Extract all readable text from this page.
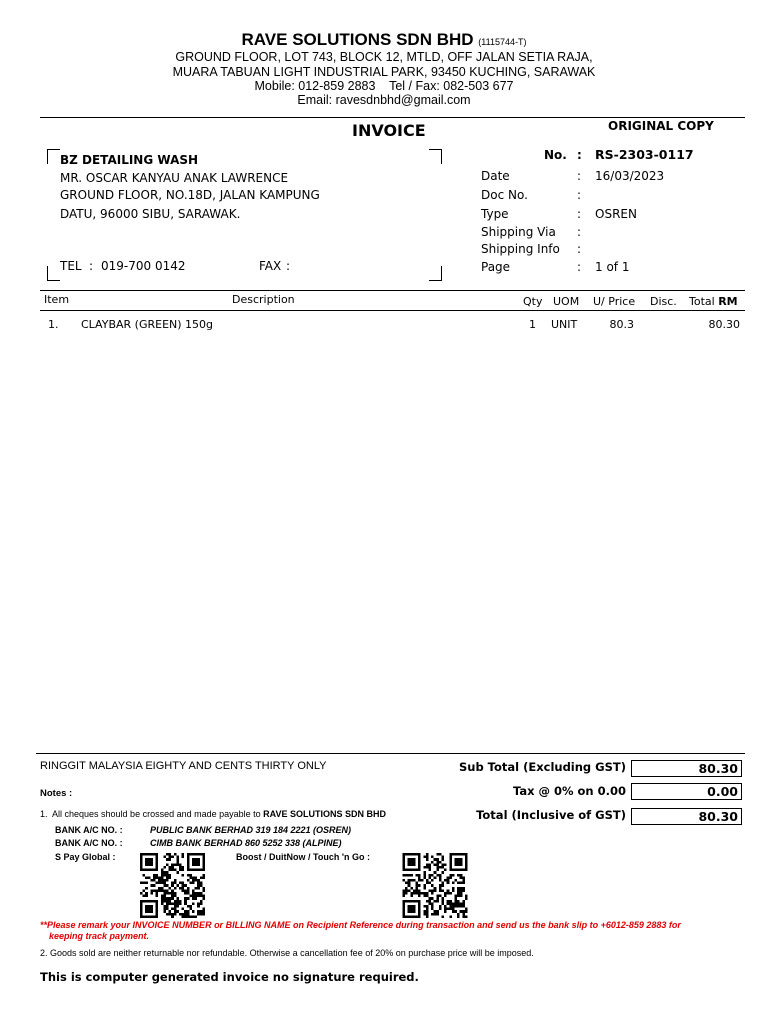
RAVE SOLUTIONS SDN BHD (1115744-T)
GROUND FLOOR, LOT 743, BLOCK 12, MTLD, OFF JALAN SETIA RAJA,
MUARA TABUAN LIGHT INDUSTRIAL PARK, 93450 KUCHING, SARAWAK
Mobile: 012-859 2883    Tel / Fax: 082-503 677
Email: ravesdnbhd@gmail.com
INVOICE	ORIGINAL COPY
BZ DETAILING WASH
MR. OSCAR KANYAU ANAK LAWRENCE
GROUND FLOOR, NO.18D, JALAN KAMPUNG
DATU, 96000 SIBU, SARAWAK.
TEL : 019-700 0142	FAX :
No. : RS-2303-0117
Date	: 16/03/2023
Doc No.	:
Type	: OSREN
Shipping Via :
Shipping Info :
Page	: 1 of 1
Item	Description	Qty UOM U/ Price Disc. Total RM
1. CLAYBAR (GREEN) 150g	1 UNIT	80.3	80.30
RINGGIT MALAYSIA EIGHTY AND CENTS THIRTY ONLY	Sub Total (Excluding GST)	80.30
Tax @ 0% on 0.00	0.00
Total (Inclusive of GST)	80.30
Notes :
1.  All cheques should be crossed and made payable to RAVE SOLUTIONS SDN BHD
BANK A/C NO. :	PUBLIC BANK BERHAD 319 184 2221 (OSREN)
BANK A/C NO. :	CIMB BANK BERHAD 860 5252 338 (ALPINE)
S Pay Global :	Boost / DuitNow / Touch 'n Go :
**Please remark your INVOICE NUMBER or BILLING NAME on Recipient Reference during transaction and send us the bank slip to +6012-859 2883 for
keeping track payment.
2. Goods sold are neither returnable nor refundable. Otherwise a cancellation fee of 20% on purchase price will be imposed.
This is computer generated invoice no signature required.
